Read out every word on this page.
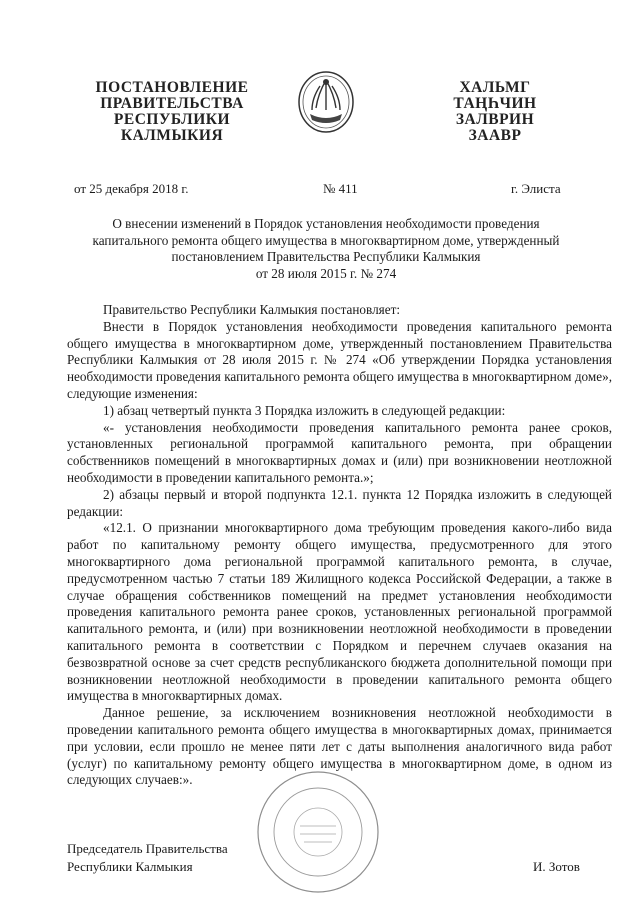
ПОСТАНОВЛЕНИЕ
ПРАВИТЕЛЬСТВА
РЕСПУБЛИКИ
КАЛМЫКИЯ
ХАЛЬМГ
ТАҢҺЧИН
ЗАЛВРИН
ЗААВР
от 25 декабря 2018 г.	№ 411	г. Элиста
О внесении изменений в Порядок установления необходимости проведения
капитального ремонта общего имущества в многоквартирном доме, утвержденный
постановлением Правительства Республики Калмыкия
от 28 июля 2015 г. № 274
Правительство Республики Калмыкия постановляет:
Внести в Порядок установления необходимости проведения капитального ремонта общего имущества в многоквартирном доме, утвержденный постановлением Правительства Республики Калмыкия от 28 июля 2015 г. № 274 «Об утверждении Порядка установления необходимости проведения капитального ремонта общего имущества в многоквартирном доме», следующие изменения:
1) абзац четвертый пункта 3 Порядка изложить в следующей редакции:
«- установления необходимости проведения капитального ремонта ранее сроков, установленных региональной программой капитального ремонта, при обращении собственников помещений в многоквартирных домах и (или) при возникновении неотложной необходимости в проведении капитального ремонта.»;
2) абзацы первый и второй подпункта 12.1. пункта 12 Порядка изложить в следующей редакции:
«12.1. О признании многоквартирного дома требующим проведения какого-либо вида работ по капитальному ремонту общего имущества, предусмотренного для этого многоквартирного дома региональной программой капитального ремонта, в случае, предусмотренном частью 7 статьи 189 Жилищного кодекса Российской Федерации, а также в случае обращения собственников помещений на предмет установления необходимости проведения капитального ремонта ранее сроков, установленных региональной программой капитального ремонта, и (или) при возникновении неотложной необходимости в проведении капитального ремонта в соответствии с Порядком и перечнем случаев оказания на безвозвратной основе за счет средств республиканского бюджета дополнительной помощи при возникновении неотложной необходимости в проведении капитального ремонта общего имущества в многоквартирных домах.
Данное решение, за исключением возникновения неотложной необходимости в проведении капитального ремонта общего имущества в многоквартирных домах, принимается при условии, если прошло не менее пяти лет с даты выполнения аналогичного вида работ (услуг) по капитальному ремонту общего имущества в многоквартирном доме, в одном из следующих случаев:».
Председатель Правительства
Республики Калмыкия	И. Зотов
